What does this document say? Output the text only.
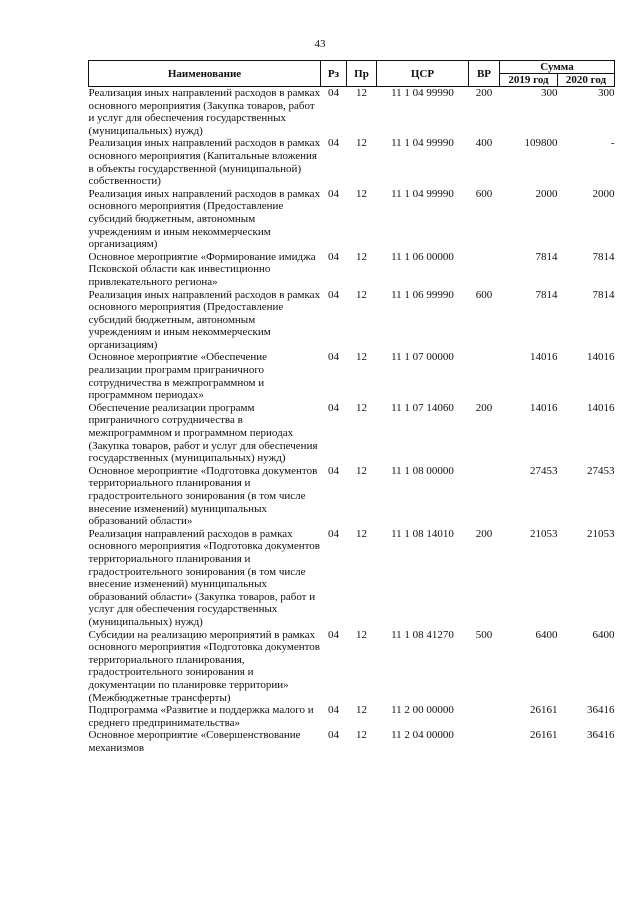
43
Наименование	Рз	Пр	ЦСР	ВР	Сумма	
					2019 год	2020 год
Реализация иных направлений расходов в рамках основного мероприятия (Закупка товаров, работ и услуг для обеспечения государственных (муниципальных) нужд)	04	12	11 1 04 99990	200	300	300
Реализация иных направлений расходов в рамках основного мероприятия (Капитальные вложения в объекты государственной (муниципальной) собственности)	04	12	11 1 04 99990	400	109800	-
Реализация иных направлений расходов в рамках основного мероприятия (Предоставление субсидий бюджетным, автономным учреждениям и иным некоммерческим организациям)	04	12	11 1 04 99990	600	2000	2000
Основное мероприятие «Формирование имиджа Псковской области как инвестиционно привлекательного региона»	04	12	11 1 06 00000		7814	7814
Реализация иных направлений расходов в рамках основного мероприятия (Предоставление субсидий бюджетным, автономным учреждениям и иным некоммерческим организациям)	04	12	11 1 06 99990	600	7814	7814
Основное мероприятие «Обеспечение реализации программ приграничного сотрудничества в межпрограммном и программном периодах»	04	12	11 1 07 00000		14016	14016
Обеспечение реализации программ приграничного сотрудничества в межпрограммном и программном периодах (Закупка товаров, работ и услуг для обеспечения государственных (муниципальных) нужд)	04	12	11 1 07 14060	200	14016	14016
Основное мероприятие «Подготовка документов территориального планирования и градостроительного зонирования (в том числе внесение изменений) муниципальных образований области»	04	12	11 1 08 00000		27453	27453
Реализация направлений расходов в рамках основного мероприятия «Подготовка документов территориального планирования и градостроительного зонирования (в том числе внесение изменений) муниципальных образований области» (Закупка товаров, работ и услуг для обеспечения государственных (муниципальных) нужд)	04	12	11 1 08 14010	200	21053	21053
Субсидии на реализацию мероприятий в рамках основного мероприятия «Подготовка документов территориального планирования, градостроительного зонирования и документации по планировке территории» (Межбюджетные трансферты)	04	12	11 1 08 41270	500	6400	6400
Подпрограмма «Развитие и поддержка малого и среднего предпринимательства»	04	12	11 2 00 00000		26161	36416
Основное мероприятие «Совершенствование механизмов	04	12	11 2 04 00000		26161	36416
